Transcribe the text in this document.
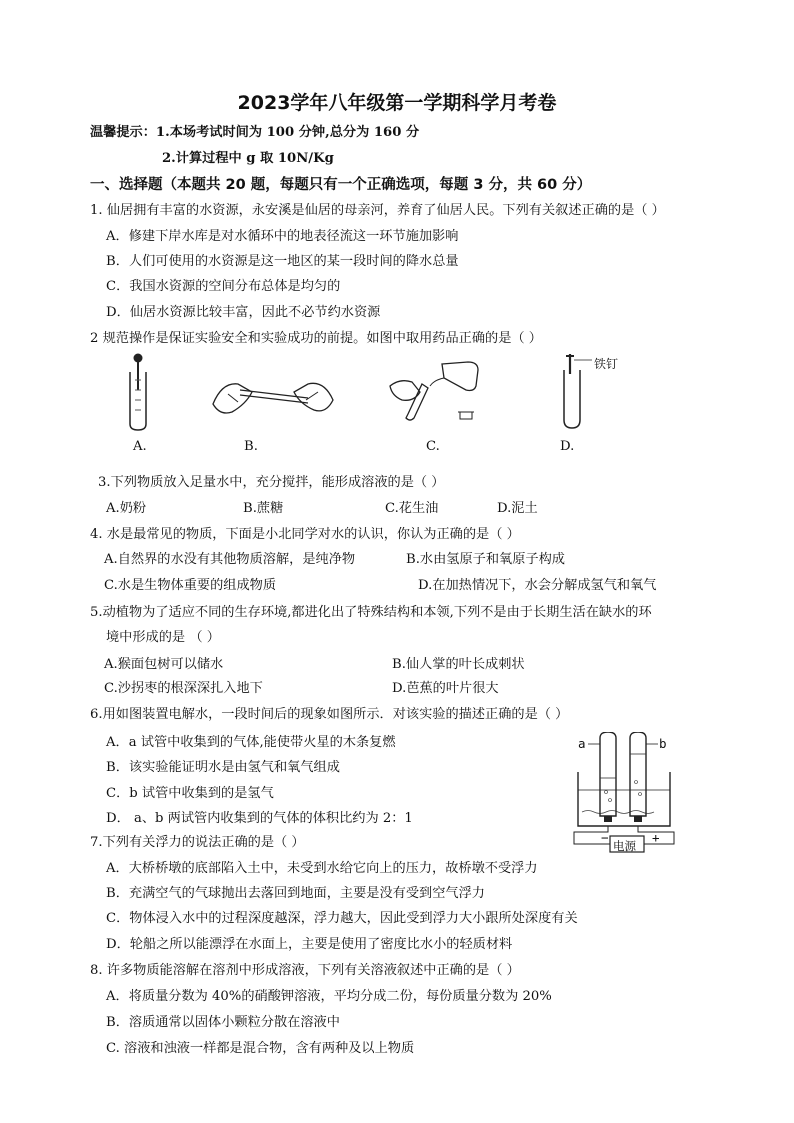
2023学年八年级第一学期科学月考卷
温馨提示：1.本场考试时间为 100 分钟,总分为 160 分
2.计算过程中 g 取 10N/Kg
一、选择题（本题共 20 题，每题只有一个正确选项，每题 3 分，共 60 分）
1. 仙居拥有丰富的水资源，永安溪是仙居的母亲河，养育了仙居人民。下列有关叙述正确的是（ ）
A．修建下岸水库是对水循环中的地表径流这一环节施加影响
B．人们可使用的水资源是这一地区的某一段时间的降水总量
C．我国水资源的空间分布总体是均匀的
D．仙居水资源比较丰富，因此不必节约水资源
2 规范操作是保证实验安全和实验成功的前提。如图中取用药品正确的是（ ）
铁钉
A.	B.	C.	D.
3.下列物质放入足量水中，充分搅拌，能形成溶液的是（ ）
A.奶粉	B.蔗糖	C.花生油	D.泥土
4. 水是最常见的物质，下面是小北同学对水的认识，你认为正确的是（ ）
A.自然界的水没有其他物质溶解，是纯净物	B.水由氢原子和氧原子构成
C.水是生物体重要的组成物质	D.在加热情况下，水会分解成氢气和氧气
5.动植物为了适应不同的生存环境,都进化出了特殊结构和本领,下列不是由于长期生活在缺水的环
境中形成的是 （ ）
A.猴面包树可以储水	B.仙人掌的叶长成刺状
C.沙拐枣的根深深扎入地下	D.芭蕉的叶片很大
6.用如图装置电解水，一段时间后的现象如图所示．对该实验的描述正确的是（ ）
A．a 试管中收集到的气体,能使带火星的木条复燃
B．该实验能证明水是由氢气和氧气组成
C．b 试管中收集到的是氢气
D． a、b 两试管内收集到的气体的体积比约为 2：1
a	b
−	+
电源
7.下列有关浮力的说法正确的是（ ）
A．大桥桥墩的底部陷入土中，未受到水给它向上的压力，故桥墩不受浮力
B．充满空气的气球抛出去落回到地面，主要是没有受到空气浮力
C．物体浸入水中的过程深度越深，浮力越大，因此受到浮力大小跟所处深度有关
D．轮船之所以能漂浮在水面上，主要是使用了密度比水小的轻质材料
8. 许多物质能溶解在溶剂中形成溶液，下列有关溶液叙述中正确的是（ ）
A．将质量分数为 40%的硝酸钾溶液，平均分成二份，每份质量分数为 20%
B．溶质通常以固体小颗粒分散在溶液中
C. 溶液和浊液一样都是混合物，含有两种及以上物质
